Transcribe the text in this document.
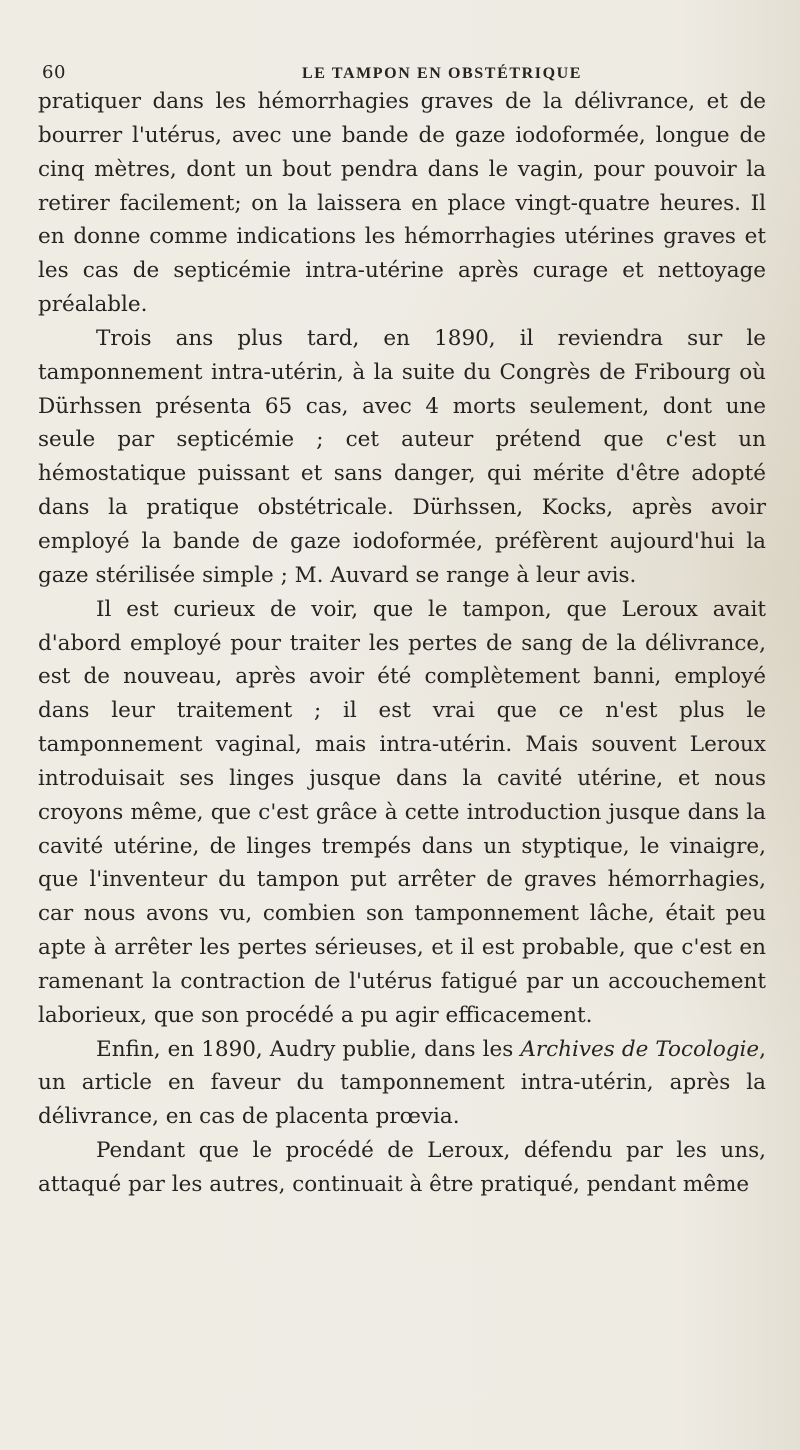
60	LE TAMPON EN OBSTÉTRIQUE

pratiquer dans les hémorrhagies graves de la délivrance, et de bourrer l'utérus, avec une bande de gaze iodoformée, longue de cinq mètres, dont un bout pendra dans le vagin, pour pouvoir la retirer facilement; on la laissera en place vingt-quatre heures. Il en donne comme indications les hémorrhagies utérines graves et les cas de septicémie intra-utérine après curage et nettoyage préalable.

Trois ans plus tard, en 1890, il reviendra sur le tamponnement intra-utérin, à la suite du Congrès de Fribourg où Dürhssen présenta 65 cas, avec 4 morts seulement, dont une seule par septicémie ; cet auteur prétend que c'est un hémostatique puissant et sans danger, qui mérite d'être adopté dans la pratique obstétricale. Dürhssen, Kocks, après avoir employé la bande de gaze iodoformée, préfèrent aujourd'hui la gaze stérilisée simple ; M. Auvard se range à leur avis.

Il est curieux de voir, que le tampon, que Leroux avait d'abord employé pour traiter les pertes de sang de la délivrance, est de nouveau, après avoir été complètement banni, employé dans leur traitement ; il est vrai que ce n'est plus le tamponnement vaginal, mais intra-utérin. Mais souvent Leroux introduisait ses linges jusque dans la cavité utérine, et nous croyons même, que c'est grâce à cette introduction jusque dans la cavité utérine, de linges trempés dans un styptique, le vinaigre, que l'inventeur du tampon put arrêter de graves hémorrhagies, car nous avons vu, combien son tamponnement lâche, était peu apte à arrêter les pertes sérieuses, et il est probable, que c'est en ramenant la contraction de l'utérus fatigué par un accouchement laborieux, que son procédé a pu agir efficacement.

Enfin, en 1890, Audry publie, dans les Archives de Tocologie, un article en faveur du tamponnement intra-utérin, après la délivrance, en cas de placenta prœvia.

Pendant que le procédé de Leroux, défendu par les uns, attaqué par les autres, continuait à être pratiqué, pendant même
